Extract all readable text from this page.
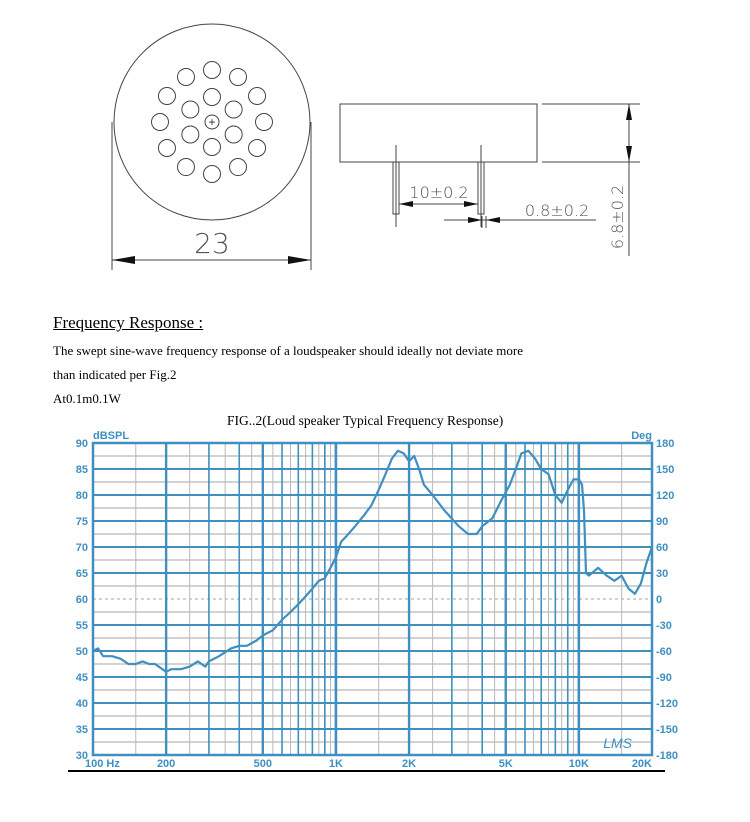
+
23
10±0.2
0.8±0.2 6.8±0.2
Frequency Response :
The swept sine-wave frequency response of a loudspeaker should ideally not deviate more
than indicated per Fig.2
At0.1m0.1W
FIG..2(Loud speaker Typical Frequency Response)
90
85
80
75
70
65
60
55
50
45
40
35
30
180
150
120
90
60
30
0
-30
-60
-90
-120
-150
-180
100 Hz	200	500	1K	2K	5K	10K	20K
dBSPL	Deg
LMS
